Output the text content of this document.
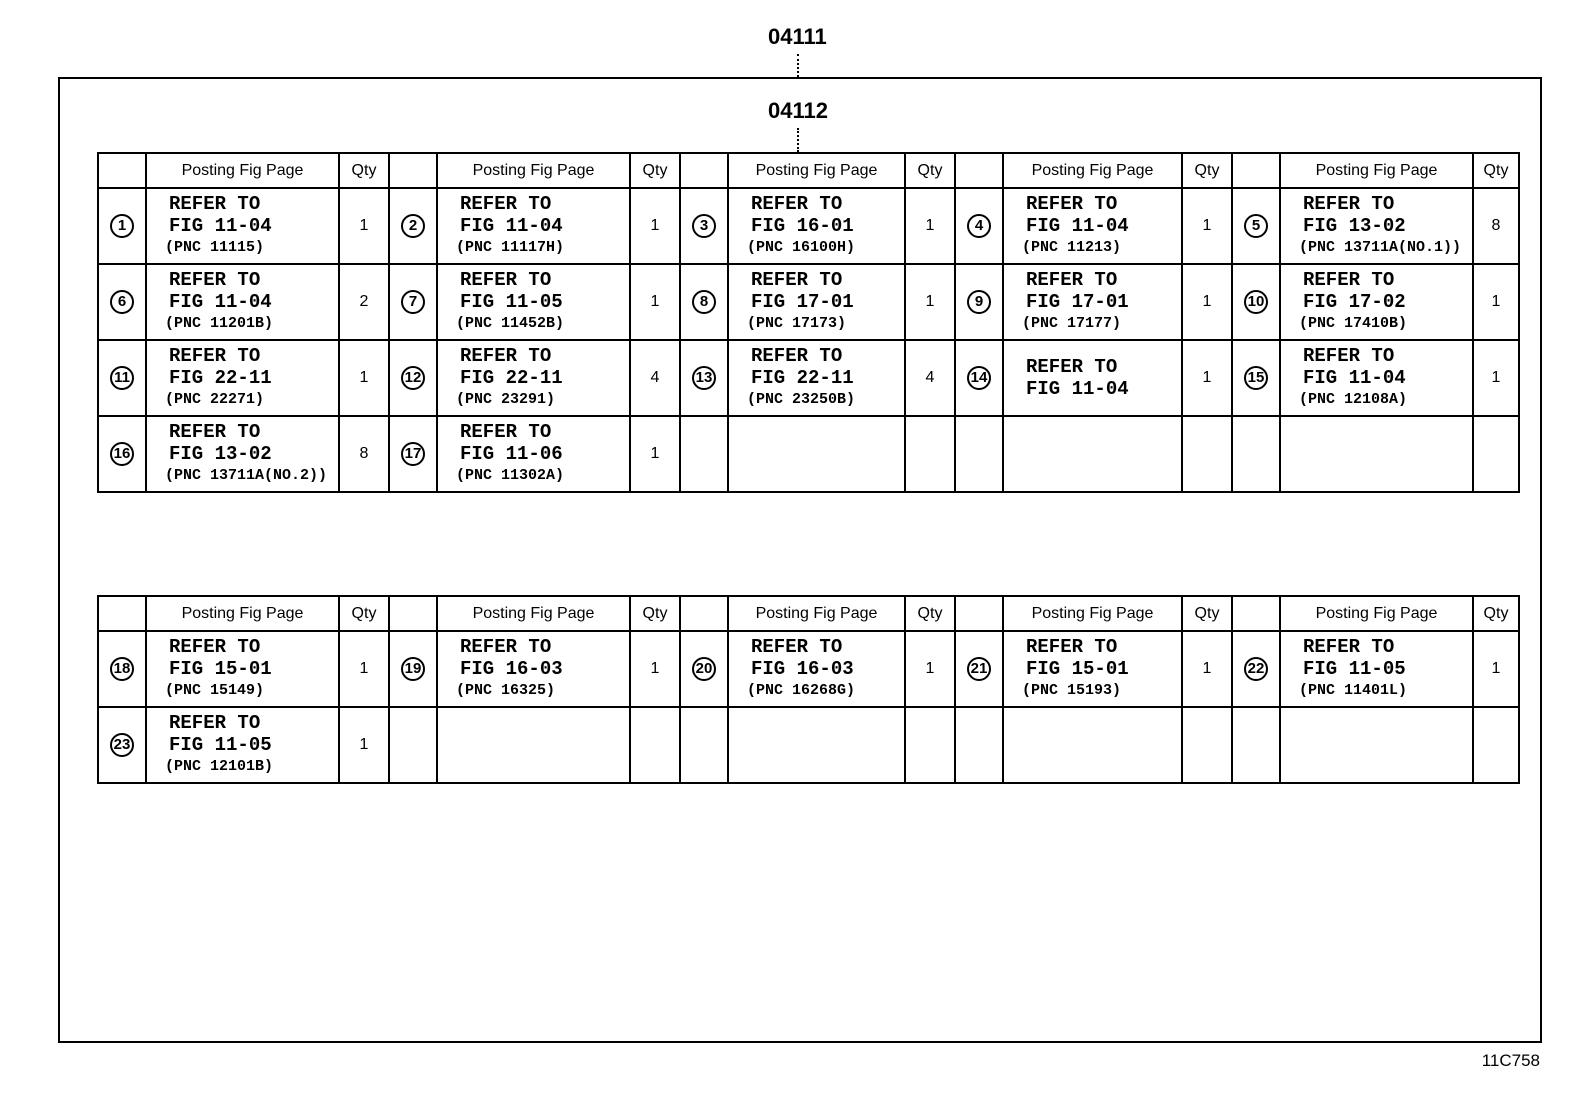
04111
04112
	Posting Fig Page	Qty		Posting Fig Page	Qty		Posting Fig Page	Qty		Posting Fig Page	Qty		Posting Fig Page	Qty
1	REFER TO
FIG 11-04
(PNC 11115)	1	2	REFER TO
FIG 11-04
(PNC 11117H)	1	3	REFER TO
FIG 16-01
(PNC 16100H)	1	4	REFER TO
FIG 11-04
(PNC 11213)	1	5	REFER TO
FIG 13-02
(PNC 13711A(NO.1))	8
6	REFER TO
FIG 11-04
(PNC 11201B)	2	7	REFER TO
FIG 11-05
(PNC 11452B)	1	8	REFER TO
FIG 17-01
(PNC 17173)	1	9	REFER TO
FIG 17-01
(PNC 17177)	1	10	REFER TO
FIG 17-02
(PNC 17410B)	1
11	REFER TO
FIG 22-11
(PNC 22271)	1	12	REFER TO
FIG 22-11
(PNC 23291)	4	13	REFER TO
FIG 22-11
(PNC 23250B)	4	14	REFER TO
FIG 11-04	1	15	REFER TO
FIG 11-04
(PNC 12108A)	1
16	REFER TO
FIG 13-02
(PNC 13711A(NO.2))	8	17	REFER TO
FIG 11-06
(PNC 11302A)	1									
	Posting Fig Page	Qty		Posting Fig Page	Qty		Posting Fig Page	Qty		Posting Fig Page	Qty		Posting Fig Page	Qty
18	REFER TO
FIG 15-01
(PNC 15149)	1	19	REFER TO
FIG 16-03
(PNC 16325)	1	20	REFER TO
FIG 16-03
(PNC 16268G)	1	21	REFER TO
FIG 15-01
(PNC 15193)	1	22	REFER TO
FIG 11-05
(PNC 11401L)	1
23	REFER TO
FIG 11-05
(PNC 12101B)	1												
11C758
